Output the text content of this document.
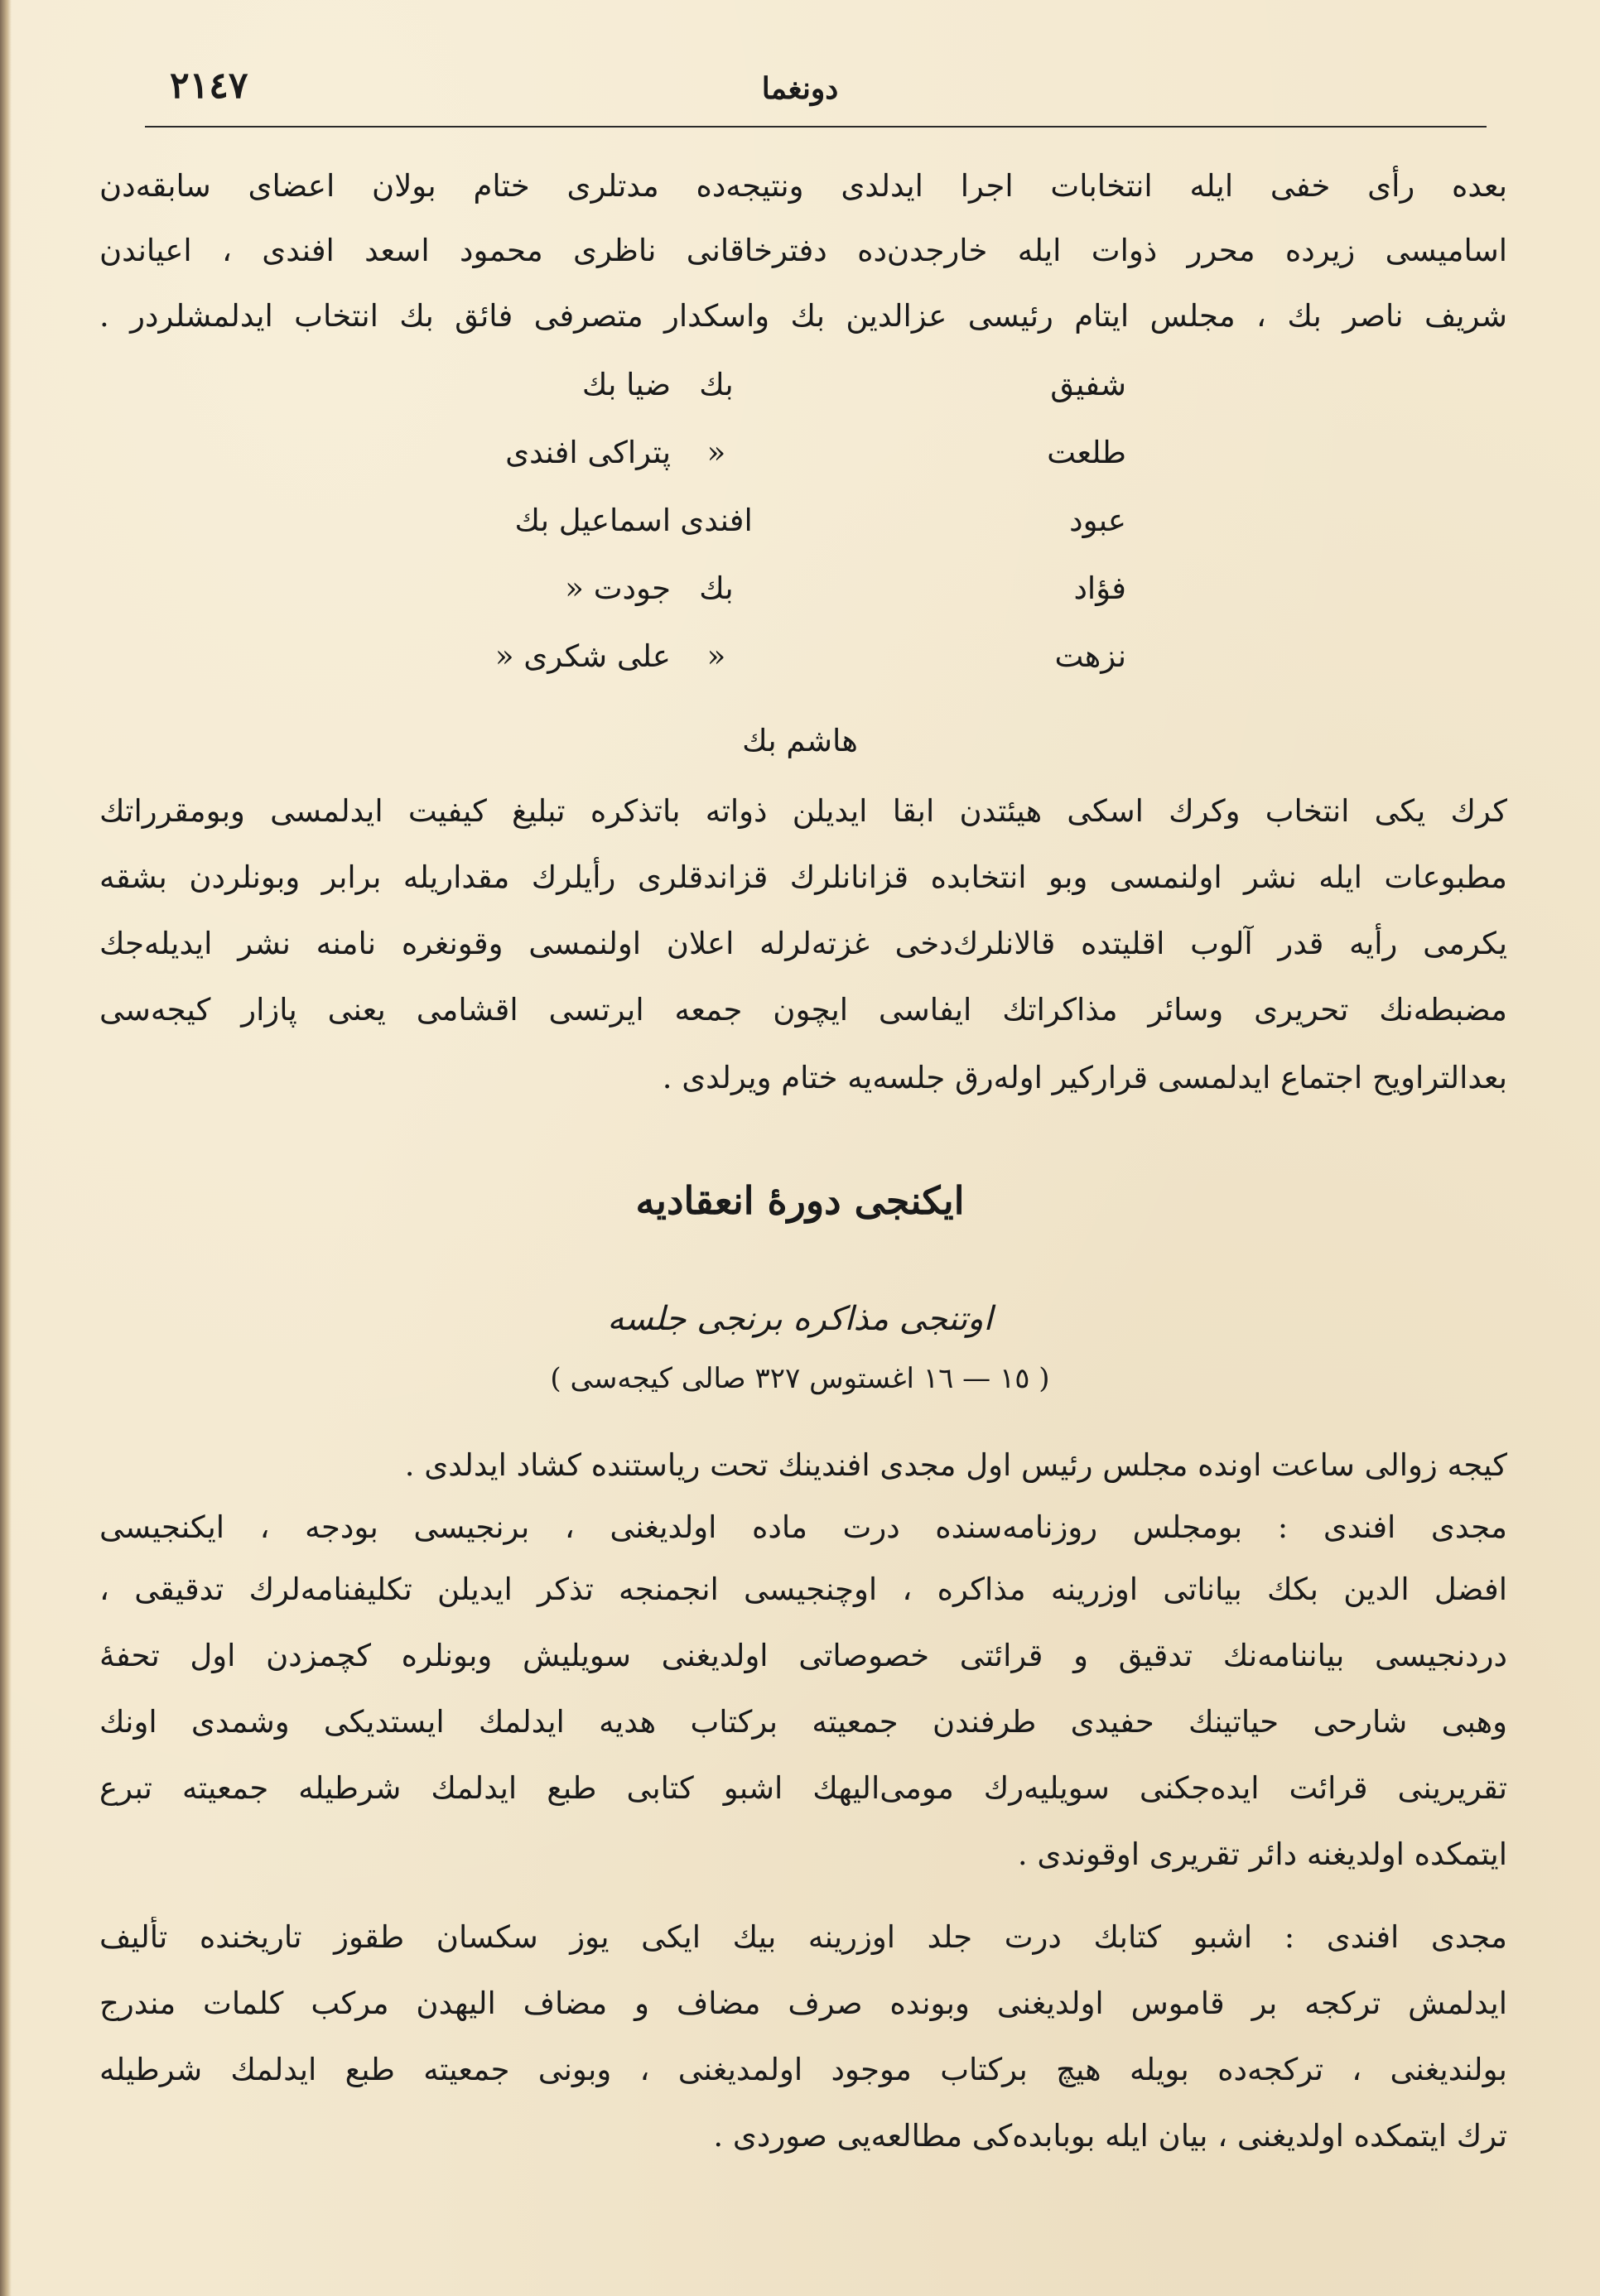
٢١٤٧	دونغما
بعده رأی خفی ایله انتخابات اجرا ایدلدی ونتیجه‌ده مدتلری ختام بولان اعضای سابقه‌دن
اسامیسی زیرده محرر ذوات ایله خارجدن‌ده دفترخاقانی ناظری محمود اسعد افندی ، اعیاندن
شریف ناصر بك ، مجلس ایتام رئیسی عزالدین بك واسکدار متصرفی فائق بك انتخاب ایدلمشلردر .
شفیق
بك
ضیا بك
طلعت
«
پتراکی افندی
عبود
افندی
اسماعیل بك
فؤاد
بك
جودت «
نزهت
«
علی شکری «
هاشم بك
کرك یکی انتخاب وکرك اسکی هیئتدن ابقا ایدیلن ذواته باتذکره تبلیغ کیفیت ایدلمسی وبومقرراتك
مطبوعات ایله نشر اولنمسی وبو انتخابده قزانانلرك قزاندقلری رأیلرك مقداریله برابر وبونلردن بشقه
یکرمی رأیه قدر آلوب اقلیتده قالانلرك‌دخی غزته‌لرله اعلان اولنمسی وقونغره نامنه نشر ایدیله‌جك
مضبطه‌نك تحریری وسائر مذاکراتك ایفاسی ایچون جمعه ایرتسی اقشامی یعنی پازار کیجه‌سی
بعدالتراویح اجتماع ایدلمسی قرارکیر اوله‌رق جلسه‌یه ختام ویرلدی .
ایکنجی دورهٔ انعقادیه
اوتنجی مذاکره برنجی جلسه
( ١٥ — ١٦ اغستوس ٣٢٧ صالی کیجه‌سی )
کیجه زوالی ساعت اونده مجلس رئیس اول مجدی افندینك تحت ریاستنده کشاد ایدلدی .
مجدی افندی : بومجلس روزنامه‌سنده درت ماده اولدیغنی ، برنجیسی بودجه ، ایکنجیسی
افضل الدین بکك بیاناتی اوزرینه مذاکره ، اوچنجیسی انجمنجه تذکر ایدیلن تکلیفنامه‌لرك تدقیقی ،
دردنجیسی بیاننامه‌نك تدقیق و قرائتی خصوصاتی اولدیغنی سویلیش وبونلره کچمزدن اول تحفهٔ
وهبی شارحی حیاتینك حفیدی طرفندن جمعیته برکتاب هدیه ایدلمك ایستدیکی وشمدی اونك
تقریرینی قرائت ایده‌جکنی سویلیه‌رك مومی‌الیهك اشبو کتابی طبع ایدلمك شرطیله جمعیته تبرع
ایتمکده اولدیغنه دائر تقریری اوقوندی .
مجدی افندی : اشبو کتابك درت جلد اوزرینه بیك ایکی یوز سکسان طقوز تاریخنده تألیف
ایدلمش ترکجه بر قاموس اولدیغنی وبونده صرف مضاف و مضاف الیهدن مرکب کلمات مندرج
بولندیغنی ، ترکجه‌ده بویله هیچ برکتاب موجود اولمدیغنی ، وبونی جمعیته طبع ایدلمك شرطیله
ترك ایتمکده اولدیغنی ، بیان ایله بوبابده‌کی مطالعه‌یی صوردی .
